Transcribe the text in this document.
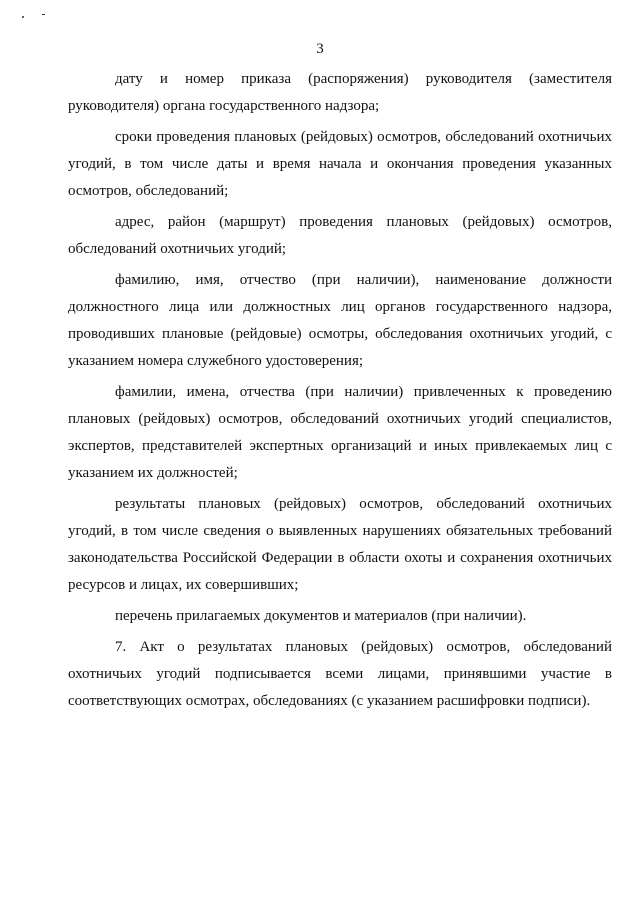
3

дату и номер приказа (распоряжения) руководителя (заместителя руководителя) органа государственного надзора;

сроки проведения плановых (рейдовых) осмотров, обследований охотничьих угодий, в том числе даты и время начала и окончания проведения указанных осмотров, обследований;

адрес, район (маршрут) проведения плановых (рейдовых) осмотров, обследований охотничьих угодий;

фамилию, имя, отчество (при наличии), наименование должности должностного лица или должностных лиц органов государственного надзора, проводивших плановые (рейдовые) осмотры, обследования охотничьих угодий, с указанием номера служебного удостоверения;

фамилии, имена, отчества (при наличии) привлеченных к проведению плановых (рейдовых) осмотров, обследований охотничьих угодий специалистов, экспертов, представителей экспертных организаций и иных привлекаемых лиц с указанием их должностей;

результаты плановых (рейдовых) осмотров, обследований охотничьих угодий, в том числе сведения о выявленных нарушениях обязательных требований законодательства Российской Федерации в области охоты и сохранения охотничьих ресурсов и лицах, их совершивших;

перечень прилагаемых документов и материалов (при наличии).

7. Акт о результатах плановых (рейдовых) осмотров, обследований охотничьих угодий подписывается всеми лицами, принявшими участие в соответствующих осмотрах, обследованиях (с указанием расшифровки подписи).
